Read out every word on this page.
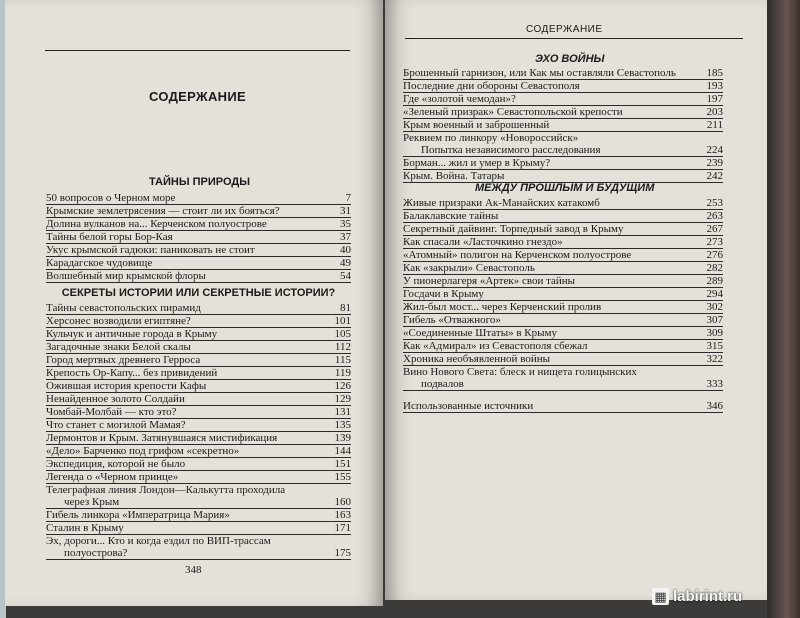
СОДЕРЖАНИЕ
ТАЙНЫ ПРИРОДЫ
50 вопросов о Черном море	7
Крымские землетрясения — стоит ли их бояться?	31
Долина вулканов на... Керченском полуострове	35
Тайны белой горы Бор-Кая	37
Укус крымской гадюки: паниковать не стоит	40
Карадагское чудовище	49
Волшебный мир крымской флоры	54
СЕКРЕТЫ ИСТОРИИ ИЛИ СЕКРЕТНЫЕ ИСТОРИИ?
Тайны севастопольских пирамид	81
Херсонес возводили египтяне?	101
Кульчук и античные города в Крыму	105
Загадочные знаки Белой скалы	112
Город мертвых древнего Герроса	115
Крепость Ор-Капу... без привидений	119
Ожившая история крепости Кафы	126
Ненайденное золото Солдайи	129
Чомбай-Молбай — кто это?	131
Что станет с могилой Мамая?	135
Лермонтов и Крым. Затянувшаяся мистификация	139
«Дело» Барченко под грифом «секретно»	144
Экспедиция, которой не было	151
Легенда о «Черном принце»	155
Телеграфная линия Лондон—Калькутта проходила
через Крым	160
Гибель линкора «Императрица Мария»	163
Сталин в Крыму	171
Эх, дороги... Кто и когда ездил по ВИП-трассам
полуострова?	175
348
СОДЕРЖАНИЕ
ЭХО ВОЙНЫ
Брошенный гарнизон, или Как мы оставляли Севастополь	185
Последние дни обороны Севастополя	193
Где «золотой чемодан»?	197
«Зеленый призрак» Севастопольской крепости	203
Крым военный и заброшенный	211
Реквием по линкору «Новороссийск»
Попытка независимого расследования	224
Борман... жил и умер в Крыму?	239
Крым. Война. Татары	242
МЕЖДУ ПРОШЛЫМ И БУДУЩИМ
Живые призраки Ак-Манайских катакомб	253
Балаклавские тайны	263
Секретный дайвинг. Торпедный завод в Крыму	267
Как спасали «Ласточкино гнездо»	273
«Атомный» полигон на Керченском полуострове	276
Как «закрыли» Севастополь	282
У пионерлагеря «Артек» свои тайны	289
Госдачи в Крыму	294
Жил-был мост... через Керченский пролив	302
Гибель «Отважного»	307
«Соединенные Штаты» в Крыму	309
Как «Адмирал» из Севастополя сбежал	315
Хроника необъявленной войны	322
Вино Нового Света: блеск и нищета голицынских
подвалов	333
Использованные источники	346
▦ labirint.ru
